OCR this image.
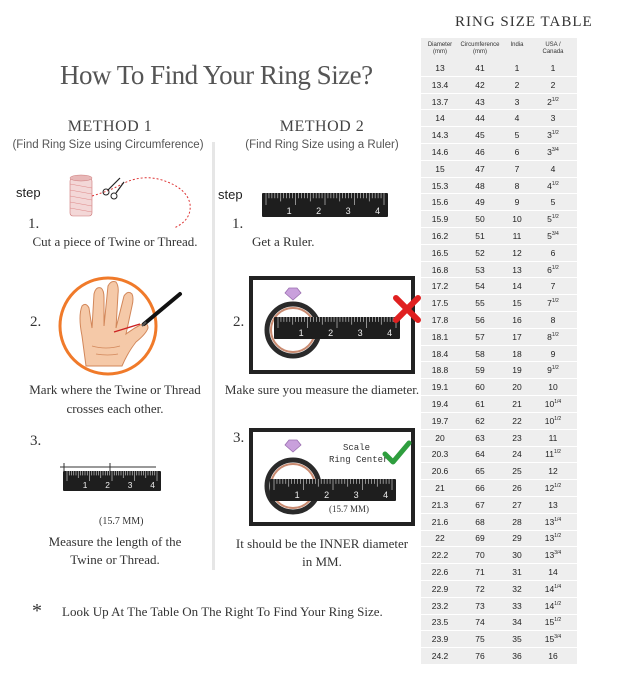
How To Find Your Ring Size?
METHOD 1
(Find Ring Size using Circumference)
METHOD 2
(Find Ring Size using a Ruler)
step
1.
Cut a piece of Twine or Thread.
2.
Mark where the Twine or Thread
crosses each other.
3.
1 2 3 4
(15.7 MM)
Measure the length of the
Twine or Thread.
step
1	2	3	4
1.
Get a Ruler.
2.
1	2	3	4
Make sure you measure the diameter.
3.
Scale
Ring Center
1	2	3	4
(15.7 MM)
It should be the INNER diameter
in MM.
* Look Up At The Table On The Right To Find Your Ring Size.
RING SIZE TABLE
Diameter
(mm)
Circumference
(mm)
India	USA /
Canada
13	41	1	1
13.4	42	2	2
13.7	43	3	$2^{1/2}$
14	44	4	3
14.3	45	5	$3^{1/2}$
14.6	46	6	$3^{3/4}$
15	47	7	4
15.3	48	8	$4^{1/2}$
15.6	49	9	5
15.9	50	10	$5^{1/2}$
16.2	51	11	$5^{3/4}$
16.5	52	12	6
16.8	53	13	$6^{1/2}$
17.2	54	14	7
17.5	55	15	$7^{1/2}$
17.8	56	16	8
18.1	57	17	$8^{1/2}$
18.4	58	18	9
18.8	59	19	$9^{1/2}$
19.1	60	20	10
19.4	61	21	$10^{1/4}$
19.7	62	22	$10^{1/2}$
20	63	23	11
20.3	64	24	$11^{1/2}$
20.6	65	25	12
21	66	26	$12^{1/2}$
21.3	67	27	13
21.6	68	28	$13^{1/4}$
22	69	29	$13^{1/2}$
22.2	70	30	$13^{3/4}$
22.6	71	31	14
22.9	72	32	$14^{1/4}$
23.2	73	33	$14^{1/2}$
23.5	74	34	$15^{1/2}$
23.9	75	35	$15^{3/4}$
24.2	76	36	16
